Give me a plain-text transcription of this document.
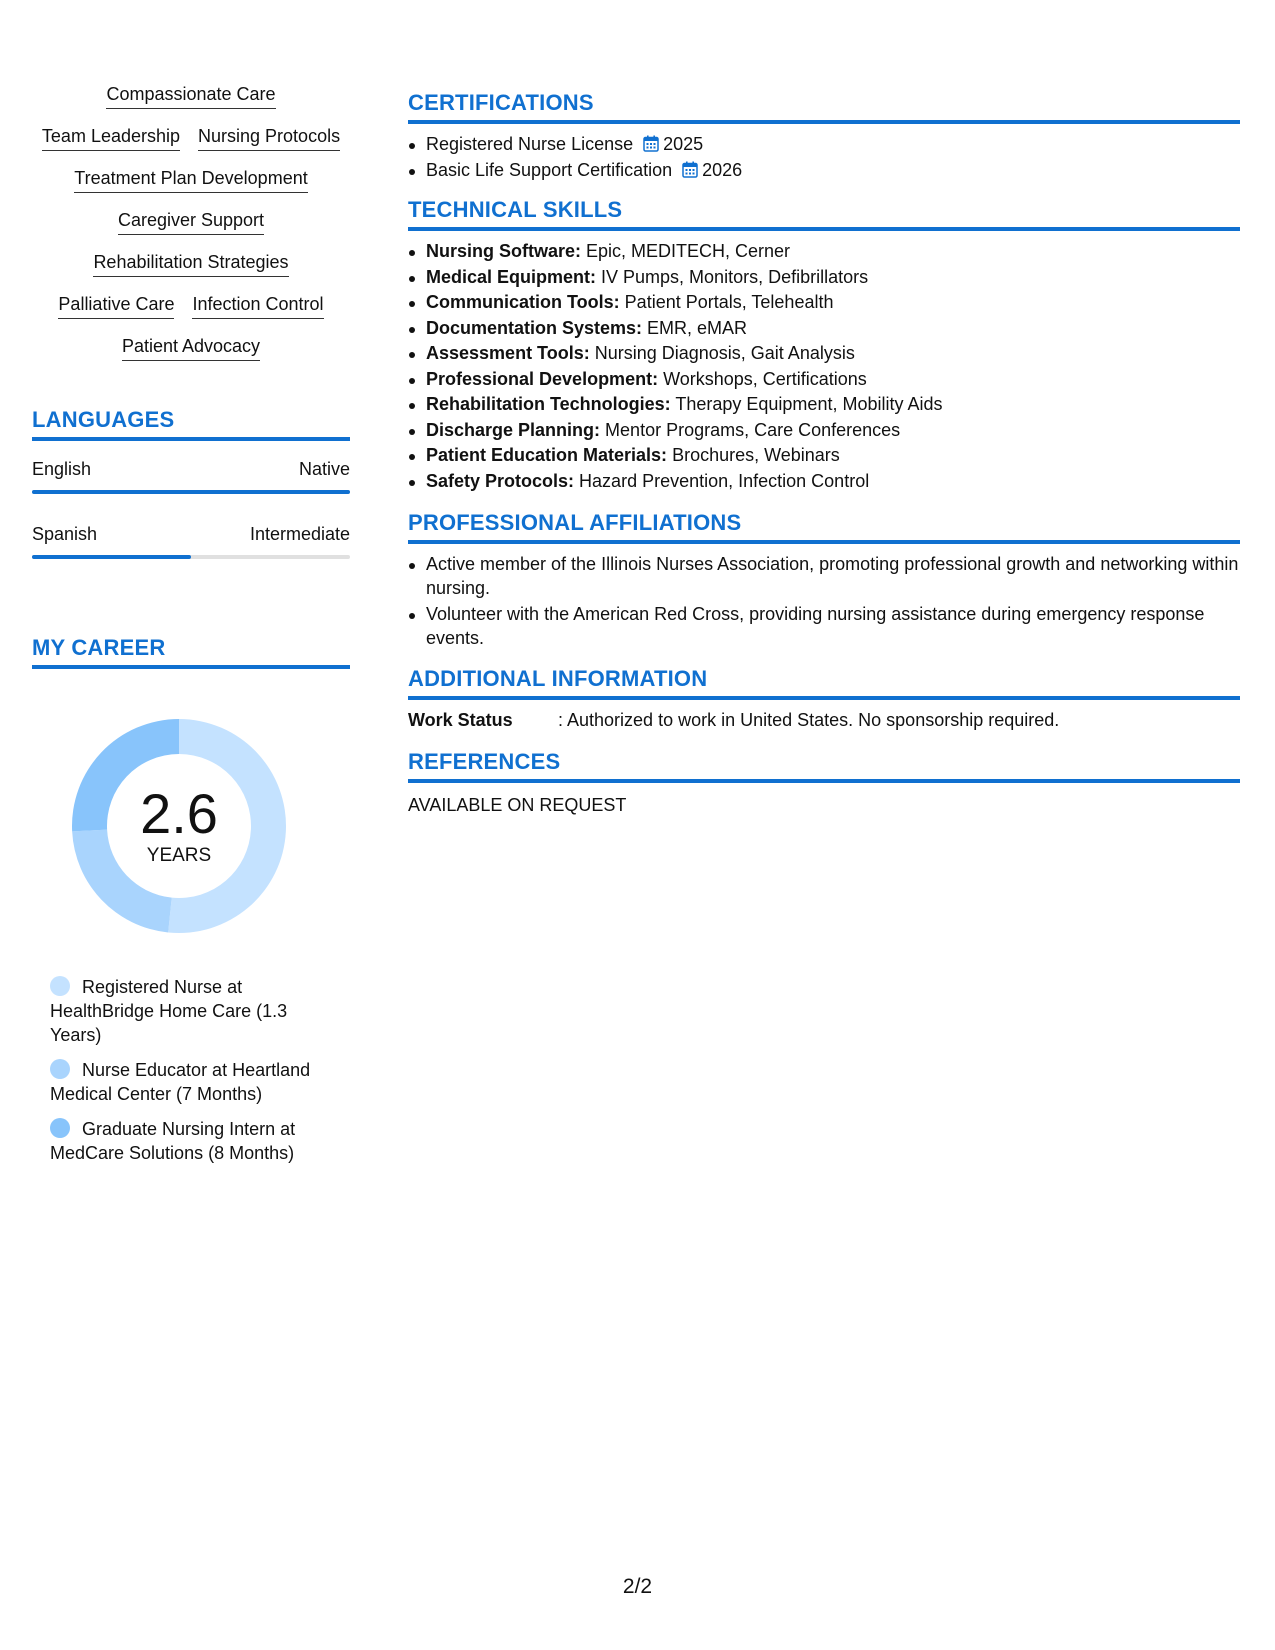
Compassionate Care
Team Leadership Nursing Protocols
Treatment Plan Development
Caregiver Support
Rehabilitation Strategies
Palliative Care Infection Control
Patient Advocacy
LANGUAGES
English	Native
Spanish	Intermediate
MY CAREER
2.6
YEARS
Registered Nurse at HealthBridge Home Care (1.3 Years)
Nurse Educator at Heartland Medical Center (7 Months)
Graduate Nursing Intern at MedCare Solutions (8 Months)
CERTIFICATIONS
Registered Nurse License 2025
Basic Life Support Certification 2026
TECHNICAL SKILLS
Nursing Software: Epic, MEDITECH, Cerner
Medical Equipment: IV Pumps, Monitors, Defibrillators
Communication Tools: Patient Portals, Telehealth
Documentation Systems: EMR, eMAR
Assessment Tools: Nursing Diagnosis, Gait Analysis
Professional Development: Workshops, Certifications
Rehabilitation Technologies: Therapy Equipment, Mobility Aids
Discharge Planning: Mentor Programs, Care Conferences
Patient Education Materials: Brochures, Webinars
Safety Protocols: Hazard Prevention, Infection Control
PROFESSIONAL AFFILIATIONS
Active member of the Illinois Nurses Association, promoting professional growth and networking within nursing.
Volunteer with the American Red Cross, providing nursing assistance during emergency response events.
ADDITIONAL INFORMATION
Work Status	: Authorized to work in United States. No sponsorship required.
REFERENCES
AVAILABLE ON REQUEST
2/2
